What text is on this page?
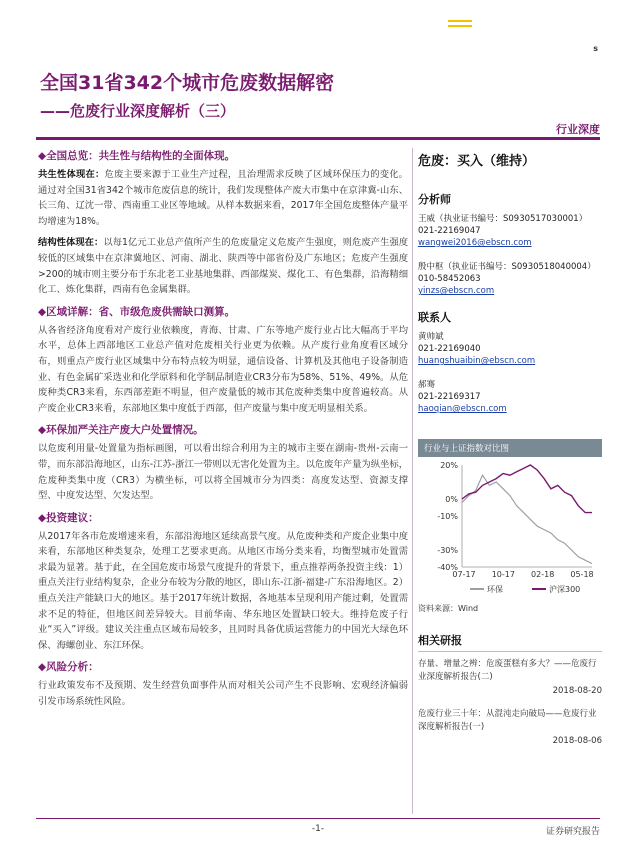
s
全国31省342个城市危废数据解密
——危废行业深度解析（三）
行业深度
◆全国总览：共生性与结构性的全面体现。

共生性体现在：危废主要来源于工业生产过程，且治理需求反映了区域环保压力的变化。通过对全国31省342个城市危废信息的统计，我们发现整体产废大市集中在京津冀-山东、长三角、辽沈一带、西南重工业区等地域。从样本数据来看，2017年全国危废整体产量平均增速为18%。

结构性体现在：以每1亿元工业总产值所产生的危废量定义危废产生强度，则危废产生强度较低的区域集中在京津冀地区、河南、湖北、陕西等中部省份及广东地区；危废产生强度>200的城市则主要分布于东北老工业基地集群、西部煤炭、煤化工、有色集群，沿海精细化工、炼化集群，西南有色金属集群。

◆区域详解：省、市级危废供需缺口测算。

从各省经济角度看对产废行业依赖度，青海、甘肃、广东等地产废行业占比大幅高于平均水平，总体上西部地区工业总产值对危废相关行业更为依赖。从产废行业角度看区域分布，则重点产废行业区域集中分布特点较为明显，通信设备、计算机及其他电子设备制造业、有色金属矿采选业和化学原料和化学制品制造业CR3分布为58%、51%、49%。从危废种类CR3来看，东西部差距不明显，但产废量低的城市其危废种类集中度普遍较高。从产废企业CR3来看，东部地区集中度低于西部，但产废量与集中度无明显相关系。

◆环保加严关注产废大户处置情况。

以危废利用量-处置量为指标画图，可以看出综合利用为主的城市主要在湖南-贵州-云南一带，而东部沿海地区，山东-江苏-浙江一带则以无害化处置为主。以危废年产量为纵坐标，危废种类集中度（CR3）为横坐标，可以将全国城市分为四类：高度发达型、资源支撑型、中度发达型、欠发达型。

◆投资建议：

从2017年各市危废增速来看，东部沿海地区延续高景气度。从危废种类和产废企业集中度来看，东部地区种类复杂，处理工艺要求更高。从地区市场分类来看，均衡型城市处置需求最为显著。基于此，在全国危废市场景气度提升的背景下，重点推荐两条投资主线：1）重点关注行业结构复杂，企业分布较为分散的地区，即山东-江浙-福建-广东沿海地区。2）重点关注产能缺口大的地区。基于2017年统计数据，各地基本呈现利用产能过剩，处置需求不足的特征，但地区间差异较大。目前华南、华东地区处置缺口较大。维持危废子行业“买入”评级。建议关注重点区域布局较多，且同时具备优质运营能力的中国光大绿色环保、海螺创业、东江环保。

◆风险分析：

行业政策发布不及预期、发生经营负面事件从而对相关公司产生不良影响、宏观经济偏弱引发市场系统性风险。

危废：买入（维持）
分析师
王威（执业证书编号：S0930517030001）
021-22169047
wangwei2016@ebscn.com
殷中枢（执业证书编号：S0930518040004）
010-58452063
yinzs@ebscn.com
联系人
黄帅斌
021-22169040
huangshuaibin@ebscn.com
郝骞
021-22169317
haoqian@ebscn.com
行业与上证指数对比图
20%
0%
-10%
-30%
-40%
07-17 10-17 02-18 05-18
环保	沪深300
资料来源：Wind
相关研报
存量、增量之辨：危废蛋糕有多大？——危废行业深度解析报告(二)
2018-08-20
危废行业三十年：从混沌走向破局——危废行业深度解析报告(一)
2018-08-06
-1-	证券研究报告
